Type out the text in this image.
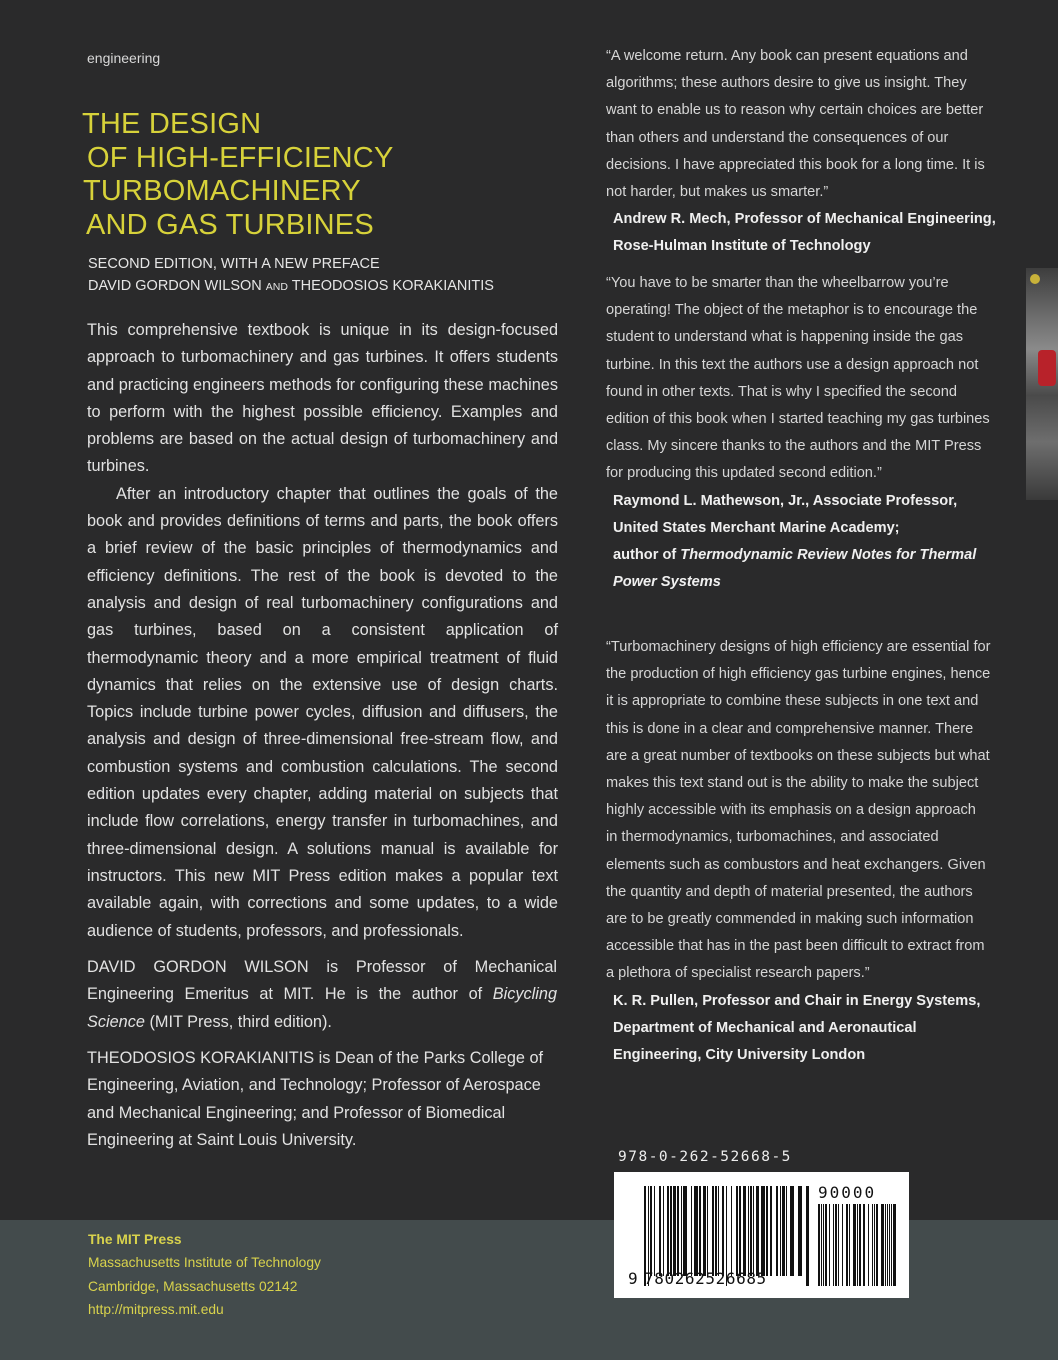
engineering
THE DESIGN
OF HIGH-EFFICIENCY
TURBOMACHINERY
AND GAS TURBINES
SECOND EDITION, WITH A NEW PREFACE
DAVID GORDON WILSON AND THEODOSIOS KORAKIANITIS

This comprehensive textbook is unique in its design-focused approach to turbomachinery and gas turbines. It offers students and practicing engineers methods for configuring these machines to perform with the highest possible efficiency. Examples and problems are based on the actual design of turbomachinery and turbines.

After an introductory chapter that outlines the goals of the book and provides definitions of terms and parts, the book offers a brief review of the basic principles of thermodynamics and efficiency definitions. The rest of the book is devoted to the analysis and design of real turbomachinery configurations and gas turbines, based on a consistent application of thermodynamic theory and a more empirical treatment of fluid dynamics that relies on the extensive use of design charts. Topics include turbine power cycles, diffusion and diffusers, the analysis and design of three-dimensional free-stream flow, and combustion systems and combustion calculations. The second edition updates every chapter, adding material on subjects that include flow correlations, energy transfer in turbomachines, and three-dimensional design. A solutions manual is available for instructors. This new MIT Press edition makes a popular text available again, with corrections and some updates, to a wide audience of students, professors, and professionals.

DAVID GORDON WILSON is Professor of Mechanical Engineering Emeritus at MIT. He is the author of Bicycling Science (MIT Press, third edition).
THEODOSIOS KORAKIANITIS is Dean of the Parks College of Engineering, Aviation, and Technology; Professor of Aerospace and Mechanical Engineering; and Professor of Biomedical Engineering at Saint Louis University.
“A welcome return. Any book can present equations and algorithms; these authors desire to give us insight. They want to enable us to reason why certain choices are better than others and understand the consequences of our decisions. I have appreciated this book for a long time. It is not harder, but makes us smarter.”
Andrew R. Mech, Professor of Mechanical Engineering,
Rose-Hulman Institute of Technology
“You have to be smarter than the wheelbarrow you’re operating! The object of the metaphor is to encourage the student to understand what is happening inside the gas turbine. In this text the authors use a design approach not found in other texts. That is why I specified the second edition of this book when I started teaching my gas turbines class. My sincere thanks to the authors and the MIT Press for producing this updated second edition.”
Raymond L. Mathewson, Jr., Associate Professor,
United States Merchant Marine Academy;
author of Thermodynamic Review Notes for Thermal Power Systems
“Turbomachinery designs of high efficiency are essential for the production of high efficiency gas turbine engines, hence it is appropriate to combine these subjects in one text and this is done in a clear and comprehensive manner. There are a great number of textbooks on these subjects but what makes this text stand out is the ability to make the subject highly accessible with its emphasis on a design approach in thermodynamics, turbomachines, and associated elements such as combustors and heat exchangers. Given the quantity and depth of material presented, the authors are to be greatly commended in making such information accessible that has in the past been difficult to extract from a plethora of specialist research papers.”
K. R. Pullen, Professor and Chair in Energy Systems,
Department of Mechanical and Aeronautical
Engineering, City University London
978-0-262-52668-5
9 780262526685
90000
The MIT Press
Massachusetts Institute of Technology
Cambridge, Massachusetts 02142
http://mitpress.mit.edu
